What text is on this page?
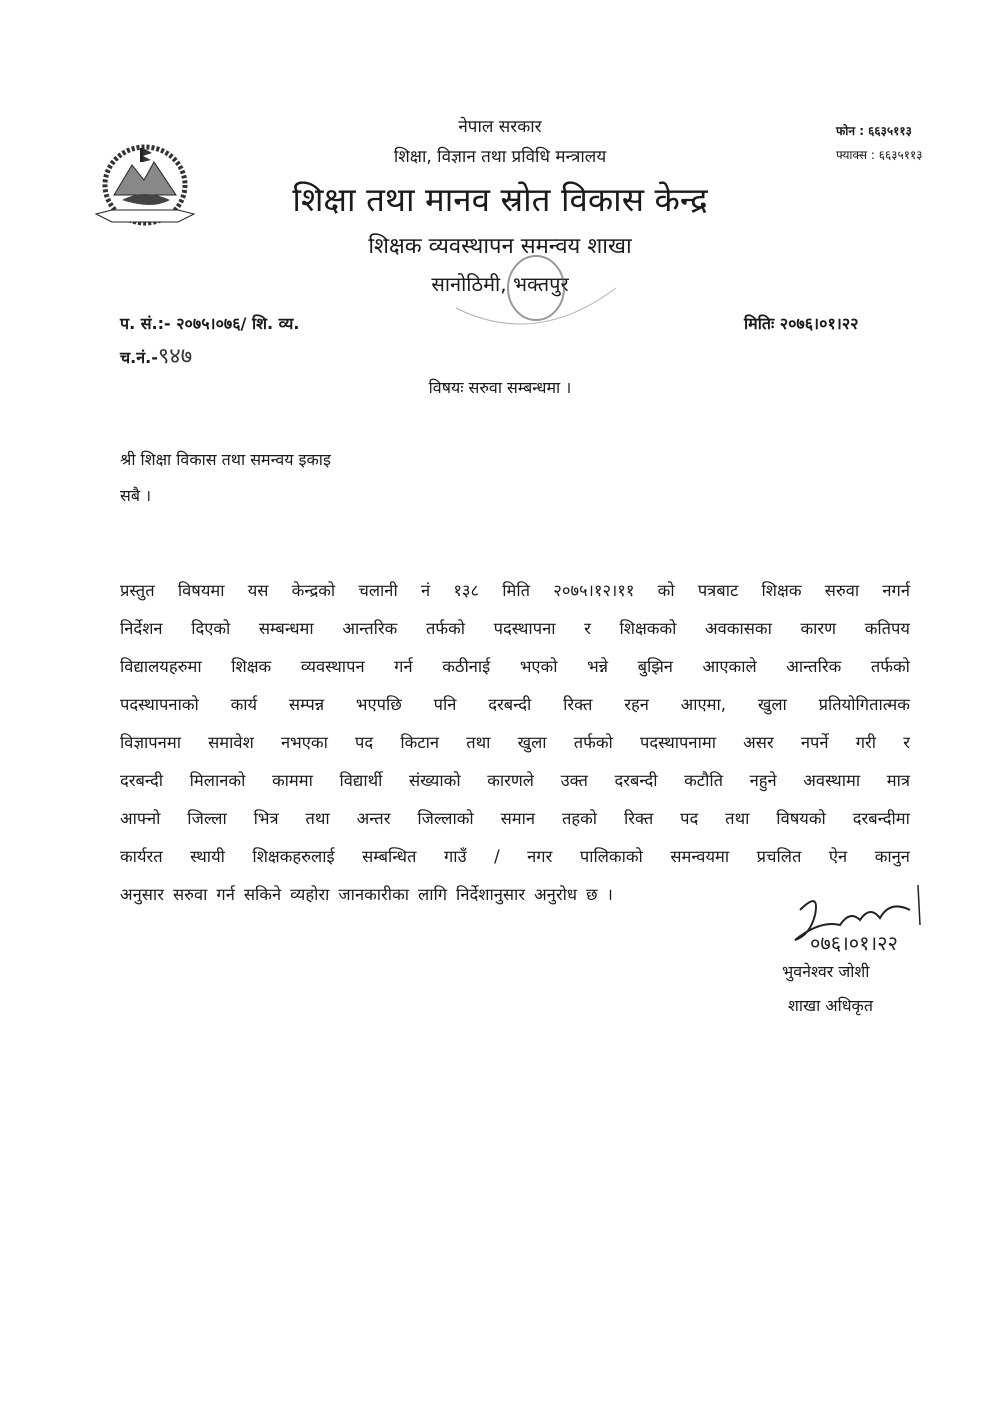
नेपाल सरकार
शिक्षा, विज्ञान तथा प्रविधि मन्त्रालय
शिक्षा तथा मानव स्रोत विकास केन्द्र
शिक्षक व्यवस्थापन समन्वय शाखा
सानोठिमी, भक्तपुर
फोन : ६६३५११३
फ्याक्स : ६६३५११३
प. सं.:- २०७५।०७६/ शि. व्य.
च.नं.-९४७
मितिः २०७६।०१।२२
विषयः सरुवा सम्बन्धमा ।
श्री शिक्षा विकास तथा समन्वय इकाइ
सबै ।
प्रस्तुत विषयमा यस केन्द्रको चलानी नं १३८ मिति २०७५।१२।११ को पत्रबाट शिक्षक सरुवा नगर्न
निर्देशन दिएको सम्बन्धमा आन्तरिक तर्फको पदस्थापना र शिक्षकको अवकासका कारण कतिपय
विद्यालयहरुमा शिक्षक व्यवस्थापन गर्न कठीनाई भएको भन्ने बुझिन आएकाले आन्तरिक तर्फको
पदस्थापनाको कार्य सम्पन्न भएपछि पनि दरबन्दी रिक्त रहन आएमा, खुला प्रतियोगितात्मक
विज्ञापनमा समावेश नभएका पद किटान तथा खुला तर्फको पदस्थापनामा असर नपर्ने गरी र
दरबन्दी मिलानको काममा विद्यार्थी संख्याको कारणले उक्त दरबन्दी कटौति नहुने अवस्थामा मात्र
आफ्नो जिल्ला भित्र तथा अन्तर जिल्लाको समान तहको रिक्त पद तथा विषयको दरबन्दीमा
कार्यरत स्थायी शिक्षकहरुलाई सम्बन्धित गाउँ / नगर पालिकाको समन्वयमा प्रचलित ऐन कानुन
अनुसार सरुवा गर्न सकिने व्यहोरा जानकारीका लागि निर्देशानुसार अनुरोध छ ।
०७६।०१।२२
भुवनेश्वर जोशी
शाखा अधिकृत
